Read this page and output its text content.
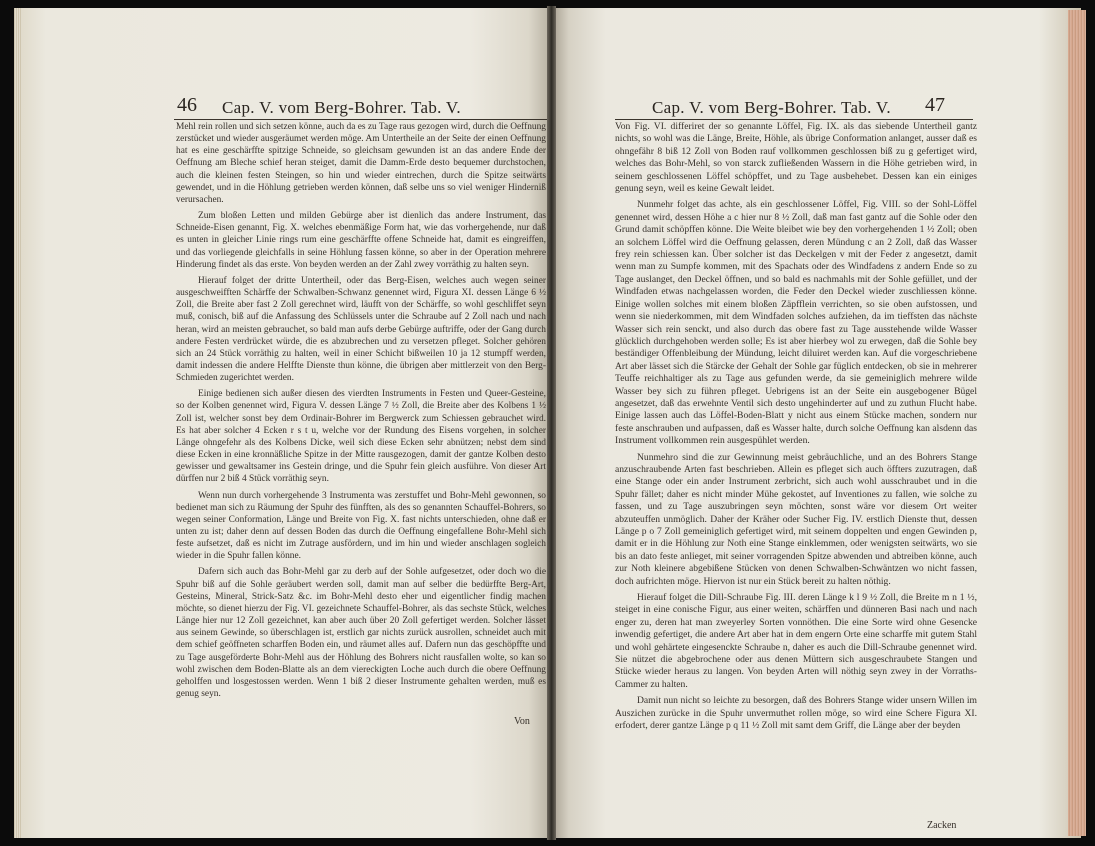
46 Cap. V. vom Berg-Bohrer. Tab. V.

Mehl rein rollen und sich setzen könne, auch da es zu Tage raus gezogen wird, durch die Oeffnung zerstücket und wieder ausgeräumet werden möge. Am Untertheile an der Seite der einen Oeffnung hat es eine geschärffte spitzige Schneide, so gleichsam gewunden ist an das andere Ende der Oeffnung am Bleche schief heran steiget, damit die Damm-Erde desto bequemer durchstochen, auch die kleinen festen Steingen, so hin und wieder eintrechen, durch die Spitze seitwärts gewendet, und in die Höhlung getrieben werden können, daß selbe uns so viel weniger Hinderniß verursachen.

Zum bloßen Letten und milden Gebürge aber ist dienlich das andere Instrument, das Schneide-Eisen genannt, Fig. X. welches ebenmäßige Form hat, wie das vorhergehende, nur daß es unten in gleicher Linie rings rum eine geschärffte offene Schneide hat, damit es eingreiffen, und das vorliegende gleichfalls in seine Höhlung fassen könne, so aber in der Operation mehrere Hinderung findet als das erste. Von beyden werden an der Zahl zwey vorräthig zu halten seyn.

Hierauf folget der dritte Untertheil, oder das Berg-Eisen, welches auch wegen seiner ausgeschweifften Schärffe der Schwalben-Schwanz genennet wird, Figura XI. dessen Länge 6 ½ Zoll, die Breite aber fast 2 Zoll gerechnet wird, läufft von der Schärffe, so wohl geschliffet seyn muß, conisch, biß auf die Anfassung des Schlüssels unter die Schraube auf 2 Zoll nach und nach heran, wird an meisten gebrauchet, so bald man aufs derbe Gebürge auftriffe, oder der Gang durch andere Festen verdrücket würde, die es abzubrechen und zu versetzen pfleget. Solcher gehören sich an 24 Stück vorräthig zu halten, weil in einer Schicht bißweilen 10 ja 12 stumpff werden, damit indessen die andere Helffte Dienste thun könne, die übrigen aber mittlerzeit von den Berg-Schmieden zugerichtet werden.

Einige bedienen sich außer diesen des vierdten Instruments in Festen und Queer-Gesteine, so der Kolben genennet wird, Figura V. dessen Länge 7 ½ Zoll, die Breite aber des Kolbens 1 ½ Zoll ist, welcher sonst bey dem Ordinair-Bohrer im Bergwerck zum Schiessen gebrauchet wird. Es hat aber solcher 4 Ecken r s t u, welche vor der Rundung des Eisens vorgehen, in solcher Länge ohngefehr als des Kolbens Dicke, weil sich diese Ecken sehr abnützen; nebst dem sind diese Ecken in eine kronnäßliche Spitze in der Mitte rausgezogen, damit der gantze Kolben desto gewisser und gewaltsamer ins Gestein dringe, und die Spuhr fein gleich ausführe. Von dieser Art dürffen nur 2 biß 4 Stück vorräthig seyn.

Wenn nun durch vorhergehende 3 Instrumenta was zerstuffet und Bohr-Mehl gewonnen, so bedienet man sich zu Räumung der Spuhr des fünfften, als des so genannten Schauffel-Bohrers, so wegen seiner Conformation, Länge und Breite von Fig. X. fast nichts unterschieden, ohne daß er unten zu ist; daher denn auf dessen Boden das durch die Oeffnung eingefallene Bohr-Mehl sich feste aufsetzet, daß es nicht im Zutrage ausfördern, und im hin und wieder anschlagen sogleich wieder in die Spuhr fallen könne.

Dafern sich auch das Bohr-Mehl gar zu derb auf der Sohle aufgesetzet, oder doch wo die Spuhr biß auf die Sohle geräubert werden soll, damit man auf selber die bedürffte Berg-Art, Gesteins, Mineral, Strick-Satz &c. im Bohr-Mehl desto eher und eigentlicher findig machen möchte, so dienet hierzu der Fig. VI. gezeichnete Schauffel-Bohrer, als das sechste Stück, welches Länge hier nur 12 Zoll gezeichnet, kan aber auch über 20 Zoll gefertiget werden. Solcher lässet aus seinem Gewinde, so überschlagen ist, erstlich gar nichts zurück ausrollen, schneidet auch mit dem schief geöffneten scharffen Boden ein, und räumet alles auf. Dafern nun das geschöpffte und zu Tage ausgeförderte Bohr-Mehl aus der Höhlung des Bohrers nicht rausfallen wolte, so kan so wohl zwischen dem Boden-Blatte als an dem viereckigten Loche auch durch die obere Oeffnung geholffen und losgestossen werden. Wenn 1 biß 2 dieser Instrumente gehalten werden, muß es genug seyn.

Von
47
Cap. V. vom Berg-Bohrer. Tab. V.

Von Fig. VI. differiret der so genannte Löffel, Fig. IX. als das siebende Untertheil gantz nichts, so wohl was die Länge, Breite, Höhle, als übrige Conformation anlanget, ausser daß es ohngefähr 8 biß 12 Zoll von Boden rauf vollkommen geschlossen biß zu g gefertiget wird, welches das Bohr-Mehl, so von starck zufließenden Wassern in die Höhe getrieben wird, in seinem geschlossenen Löffel schöpffet, und zu Tage ausbehebet. Dessen kan ein einiges genung seyn, weil es keine Gewalt leidet.

Nunmehr folget das achte, als ein geschlossener Löffel, Fig. VIII. so der Sohl-Löffel genennet wird, dessen Höhe a c hier nur 8 ½ Zoll, daß man fast gantz auf die Sohle oder den Grund damit schöpffen könne. Die Weite bleibet wie bey den vorhergehenden 1 ½ Zoll; oben an solchem Löffel wird die Oeffnung gelassen, deren Mündung c an 2 Zoll, daß das Wasser frey rein schiessen kan. Über solcher ist das Deckelgen v mit der Feder z angesetzt, damit wenn man zu Sumpfe kommen, mit des Spachats oder des Windfadens z andern Ende so zu Tage auslanget, den Deckel öffnen, und so bald es nachmahls mit der Sohle gefüllet, und der Windfaden etwas nachgelassen worden, die Feder den Deckel wieder zuschliessen könne. Einige wollen solches mit einem bloßen Zäpfflein verrichten, so sie oben aufstossen, und wenn sie niederkommen, mit dem Windfaden solches aufziehen, da im tieffsten das nächste Wasser sich rein senckt, und also durch das obere fast zu Tage ausstehende wilde Wasser glücklich durchgehoben werden solle; Es ist aber hierbey wol zu erwegen, daß die Sohle bey beständiger Offenbleibung der Mündung, leicht diluiret werden kan. Auf die vorgeschriebene Art aber lässet sich die Stärcke der Gehalt der Sohle gar füglich entdecken, ob sie in mehrerer Teuffe reichhaltiger als zu Tage aus gefunden werde, da sie gemeiniglich mehrere wilde Wasser bey sich zu führen pfleget. Uebrigens ist an der Seite ein ausgebogener Bügel angesetzet, daß das erwehnte Ventil sich desto ungehinderter auf und zu zuthun Flucht habe. Einige lassen auch das Löffel-Boden-Blatt y nicht aus einem Stücke machen, sondern nur feste anschrauben und aufpassen, daß es Wasser halte, durch solche Oeffnung kan alsdenn das Instrument vollkommen rein ausgespühlet werden.

Nunmehro sind die zur Gewinnung meist gebräuchliche, und an des Bohrers Stange anzuschraubende Arten fast beschrieben. Allein es pfleget sich auch öffters zuzutragen, daß eine Stange oder ein ander Instrument zerbricht, sich auch wohl ausschraubet und in die Spuhr fället; daher es nicht minder Mühe gekostet, auf Inventiones zu fallen, wie solche zu fassen, und zu Tage auszubringen seyn möchten, sonst wäre vor diesem Ort weiter abzuteuffen unmöglich. Daher der Kräher oder Sucher Fig. IV. erstlich Dienste thut, dessen Länge p o 7 Zoll gemeiniglich gefertiget wird, mit seinem doppelten und engen Gewinden p, damit er in die Höhlung zur Noth eine Stange einklemmen, oder wenigsten seitwärts, wo sie bis an dato feste anlieget, mit seiner vorragenden Spitze abwenden und abtreiben könne, auch zur Noth kleinere abgebißene Stücken von denen Schwalben-Schwäntzen wo nicht fassen, doch aufrichten möge. Hiervon ist nur ein Stück bereit zu halten nöthig.

Hierauf folget die Dill-Schraube Fig. III. deren Länge k l 9 ½ Zoll, die Breite m n 1 ½, steiget in eine conische Figur, aus einer weiten, schärffen und dünneren Basi nach und nach enger zu, deren hat man zweyerley Sorten vonnöthen. Die eine Sorte wird ohne Gesencke inwendig gefertiget, die andere Art aber hat in dem engern Orte eine scharffe mit gutem Stahl und wohl gehärtete eingesenckte Schraube n, daher es auch die Dill-Schraube genennet wird. Sie nützet die abgebrochene oder aus denen Müttern sich ausgeschraubete Stangen und Stücke wieder heraus zu langen. Von beyden Arten will nöthig seyn zwey in der Vorraths-Cammer zu halten.

Damit nun nicht so leichte zu besorgen, daß des Bohrers Stange wider unsern Willen im Auszichen zurücke in die Spuhr unvermuthet rollen möge, so wird eine Schere Figura XI. erfodert, derer gantze Länge p q 11 ½ Zoll mit samt dem Griff, die Länge aber der beyden

Zacken
